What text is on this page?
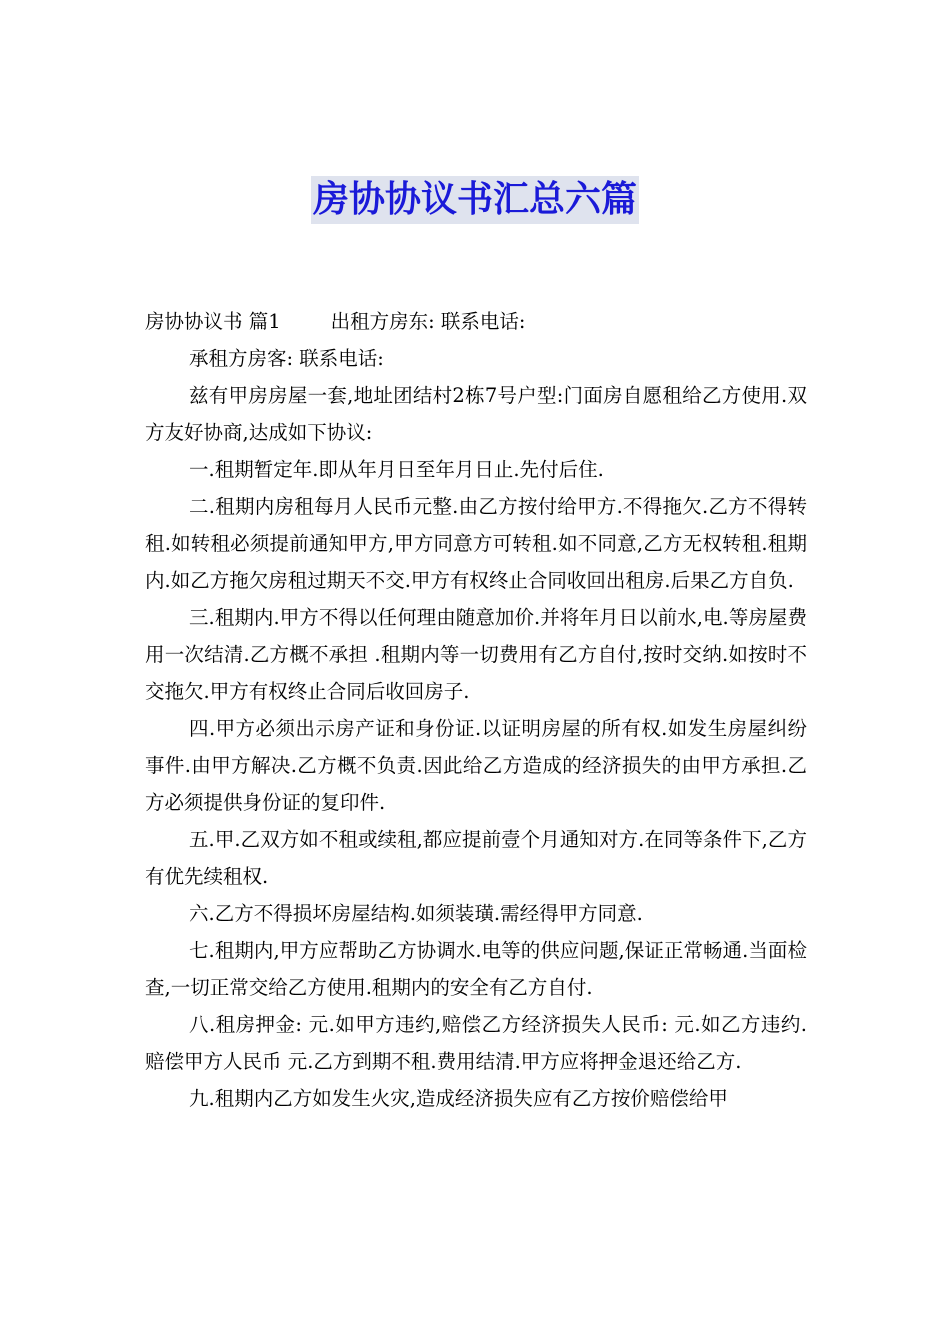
房协协议书汇总六篇

房协协议书 篇1	出租方房东: 联系电话:

承租方房客: 联系电话:

兹有甲房房屋一套,地址团结村2栋7号户型:门面房自愿租给乙方使用.双方友好协商,达成如下协议:

一.租期暂定年.即从年月日至年月日止.先付后住.

二.租期内房租每月人民币元整.由乙方按付给甲方.不得拖欠.乙方不得转租.如转租必须提前通知甲方,甲方同意方可转租.如不同意,乙方无权转租.租期内.如乙方拖欠房租过期天不交.甲方有权终止合同收回出租房.后果乙方自负.

三.租期内.甲方不得以任何理由随意加价.并将年月日以前水,电.等房屋费用一次结清.乙方概不承担 .租期内等一切费用有乙方自付,按时交纳.如按时不交拖欠.甲方有权终止合同后收回房子.

四.甲方必须出示房产证和身份证.以证明房屋的所有权.如发生房屋纠纷事件.由甲方解决.乙方概不负责.因此给乙方造成的经济损失的由甲方承担.乙方必须提供身份证的复印件.

五.甲.乙双方如不租或续租,都应提前壹个月通知对方.在同等条件下,乙方有优先续租权.

六.乙方不得损坏房屋结构.如须装璜.需经得甲方同意.

七.租期内,甲方应帮助乙方协调水.电等的供应问题,保证正常畅通.当面检查,一切正常交给乙方使用.租期内的安全有乙方自付.

八.租房押金: 元.如甲方违约,赔偿乙方经济损失人民币: 元.如乙方违约.赔偿甲方人民币 元.乙方到期不租.费用结清.甲方应将押金退还给乙方.

九.租期内乙方如发生火灾,造成经济损失应有乙方按价赔偿给甲
